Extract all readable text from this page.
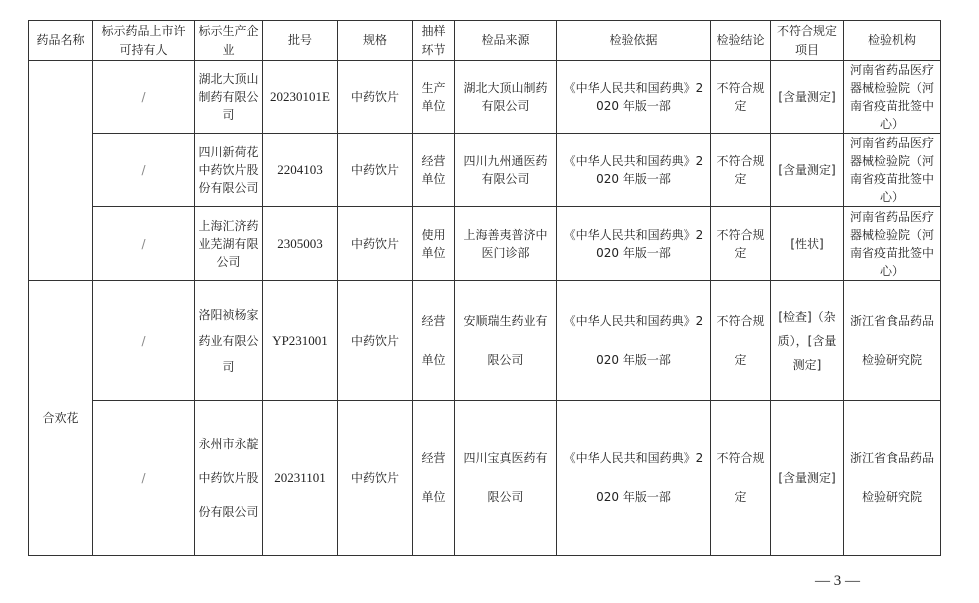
药品名称	标示药品上市许可持有人	标示生产企业	批号	规格	抽样环节	检品来源	检验依据	检验结论	不符合规定项目	检验机构
	/	湖北大顶山制药有限公司	20230101E	中药饮片	生产单位	湖北大顶山制药有限公司	《中华人民共和国药典》2020 年版一部	不符合规定	[含量测定]	河南省药品医疗器械检验院（河南省疫苗批签中心）
	/	四川新荷花中药饮片股份有限公司	2204103	中药饮片	经营单位	四川九州通医药有限公司	《中华人民共和国药典》2020 年版一部	不符合规定	[含量测定]	河南省药品医疗器械检验院（河南省疫苗批签中心）
	/	上海汇济药业芜湖有限公司	2305003	中药饮片	使用单位	上海善夷普济中医门诊部	《中华人民共和国药典》2020 年版一部	不符合规定	[性状]	河南省药品医疗器械检验院（河南省疫苗批签中心）
合欢花	/	洛阳祯杨家药业有限公司	YP231001	中药饮片	经营单位	安顺瑞生药业有限公司	《中华人民共和国药典》2020 年版一部	不符合规定	[检查]（杂质），[含量测定]	浙江省食品药品检验研究院
	/	永州市永靛中药饮片股份有限公司	20231101	中药饮片	经营单位	四川宝真医药有限公司	《中华人民共和国药典》2020 年版一部	不符合规定	[含量测定]	浙江省食品药品检验研究院
— 3 —
